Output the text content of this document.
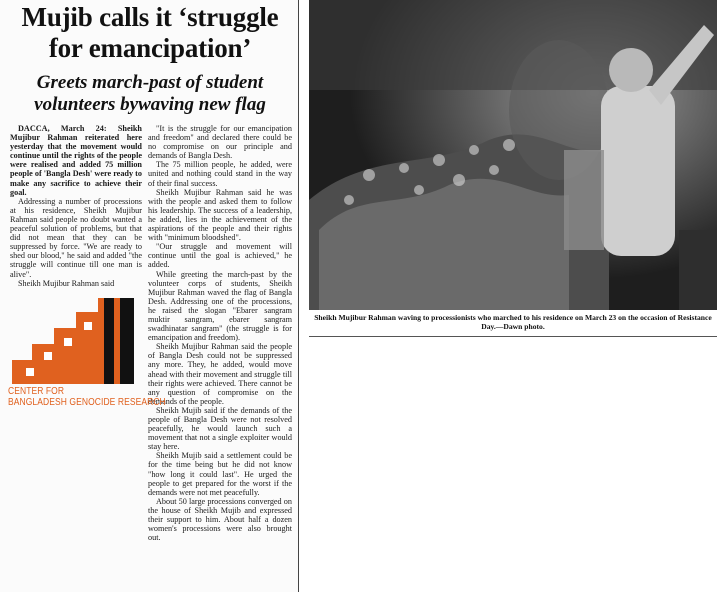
Mujib calls it ‘struggle
for emancipation’
Greets march-past of student
volunteers bywaving new flag

DACCA, March 24: Sheikh Mujibur Rahman reiterated here yesterday that the movement would continue until the rights of the people were realised and added 75 million people of 'Bangla Desh' were ready to make any sacrifice to achieve their goal.

Addressing a number of processions at his residence, Sheikh Mujibur Rahman said people no doubt wanted a peaceful solution of problems, but that did not mean that they can be suppressed by force. "We are ready to shed our blood," he said and added "the struggle will continue till one man is alive".

Sheikh Mujibur Rahman said

"It is the struggle for our emancipation and freedom" and declared there could be no compromise on our principle and demands of Bangla Desh.

The 75 million people, he added, were united and nothing could stand in the way of their final success.

Sheikh Mujibur Rahman said he was with the people and asked them to follow his leadership. The success of a leadership, he added, lies in the achievement of the aspirations of the people and their rights with "minimum bloodshed".

"Our struggle and movement will continue until the goal is achieved," he added.

While greeting the march-past by the volunteer corps of students, Sheikh Mujibur Rahman waved the flag of Bangla Desh. Addressing one of the processions, he raised the slogan "Ebarer sangram muktir sangram, ebarer sangram swadhinatar sangram" (the struggle is for emancipation and freedom).

Sheikh Mujibur Rahman said the people of Bangla Desh could not be suppressed any more. They, he added, would move ahead with their movement and struggle till their rights were achieved. There cannot be any question of compromise on the demands of the people.

Sheikh Mujib said if the demands of the people of Bangla Desh were not resolved peacefully, he would launch such a movement that not a single exploiter would stay here.

Sheikh Mujib said a settlement could be for the time being but he did not know "how long it could last". He urged the people to get prepared for the worst if the demands were not met peacefully.

About 50 large processions converged on the house of Sheikh Mujib and expressed their support to him. About half a dozen women's processions were also brought out.

CENTER FOR
BANGLADESH GENOCIDE RESEARCH
Sheikh Mujibur Rahman waving to processionists who marched to his residence on March 23 on the occasion of Resistance Day.—Dawn photo.
